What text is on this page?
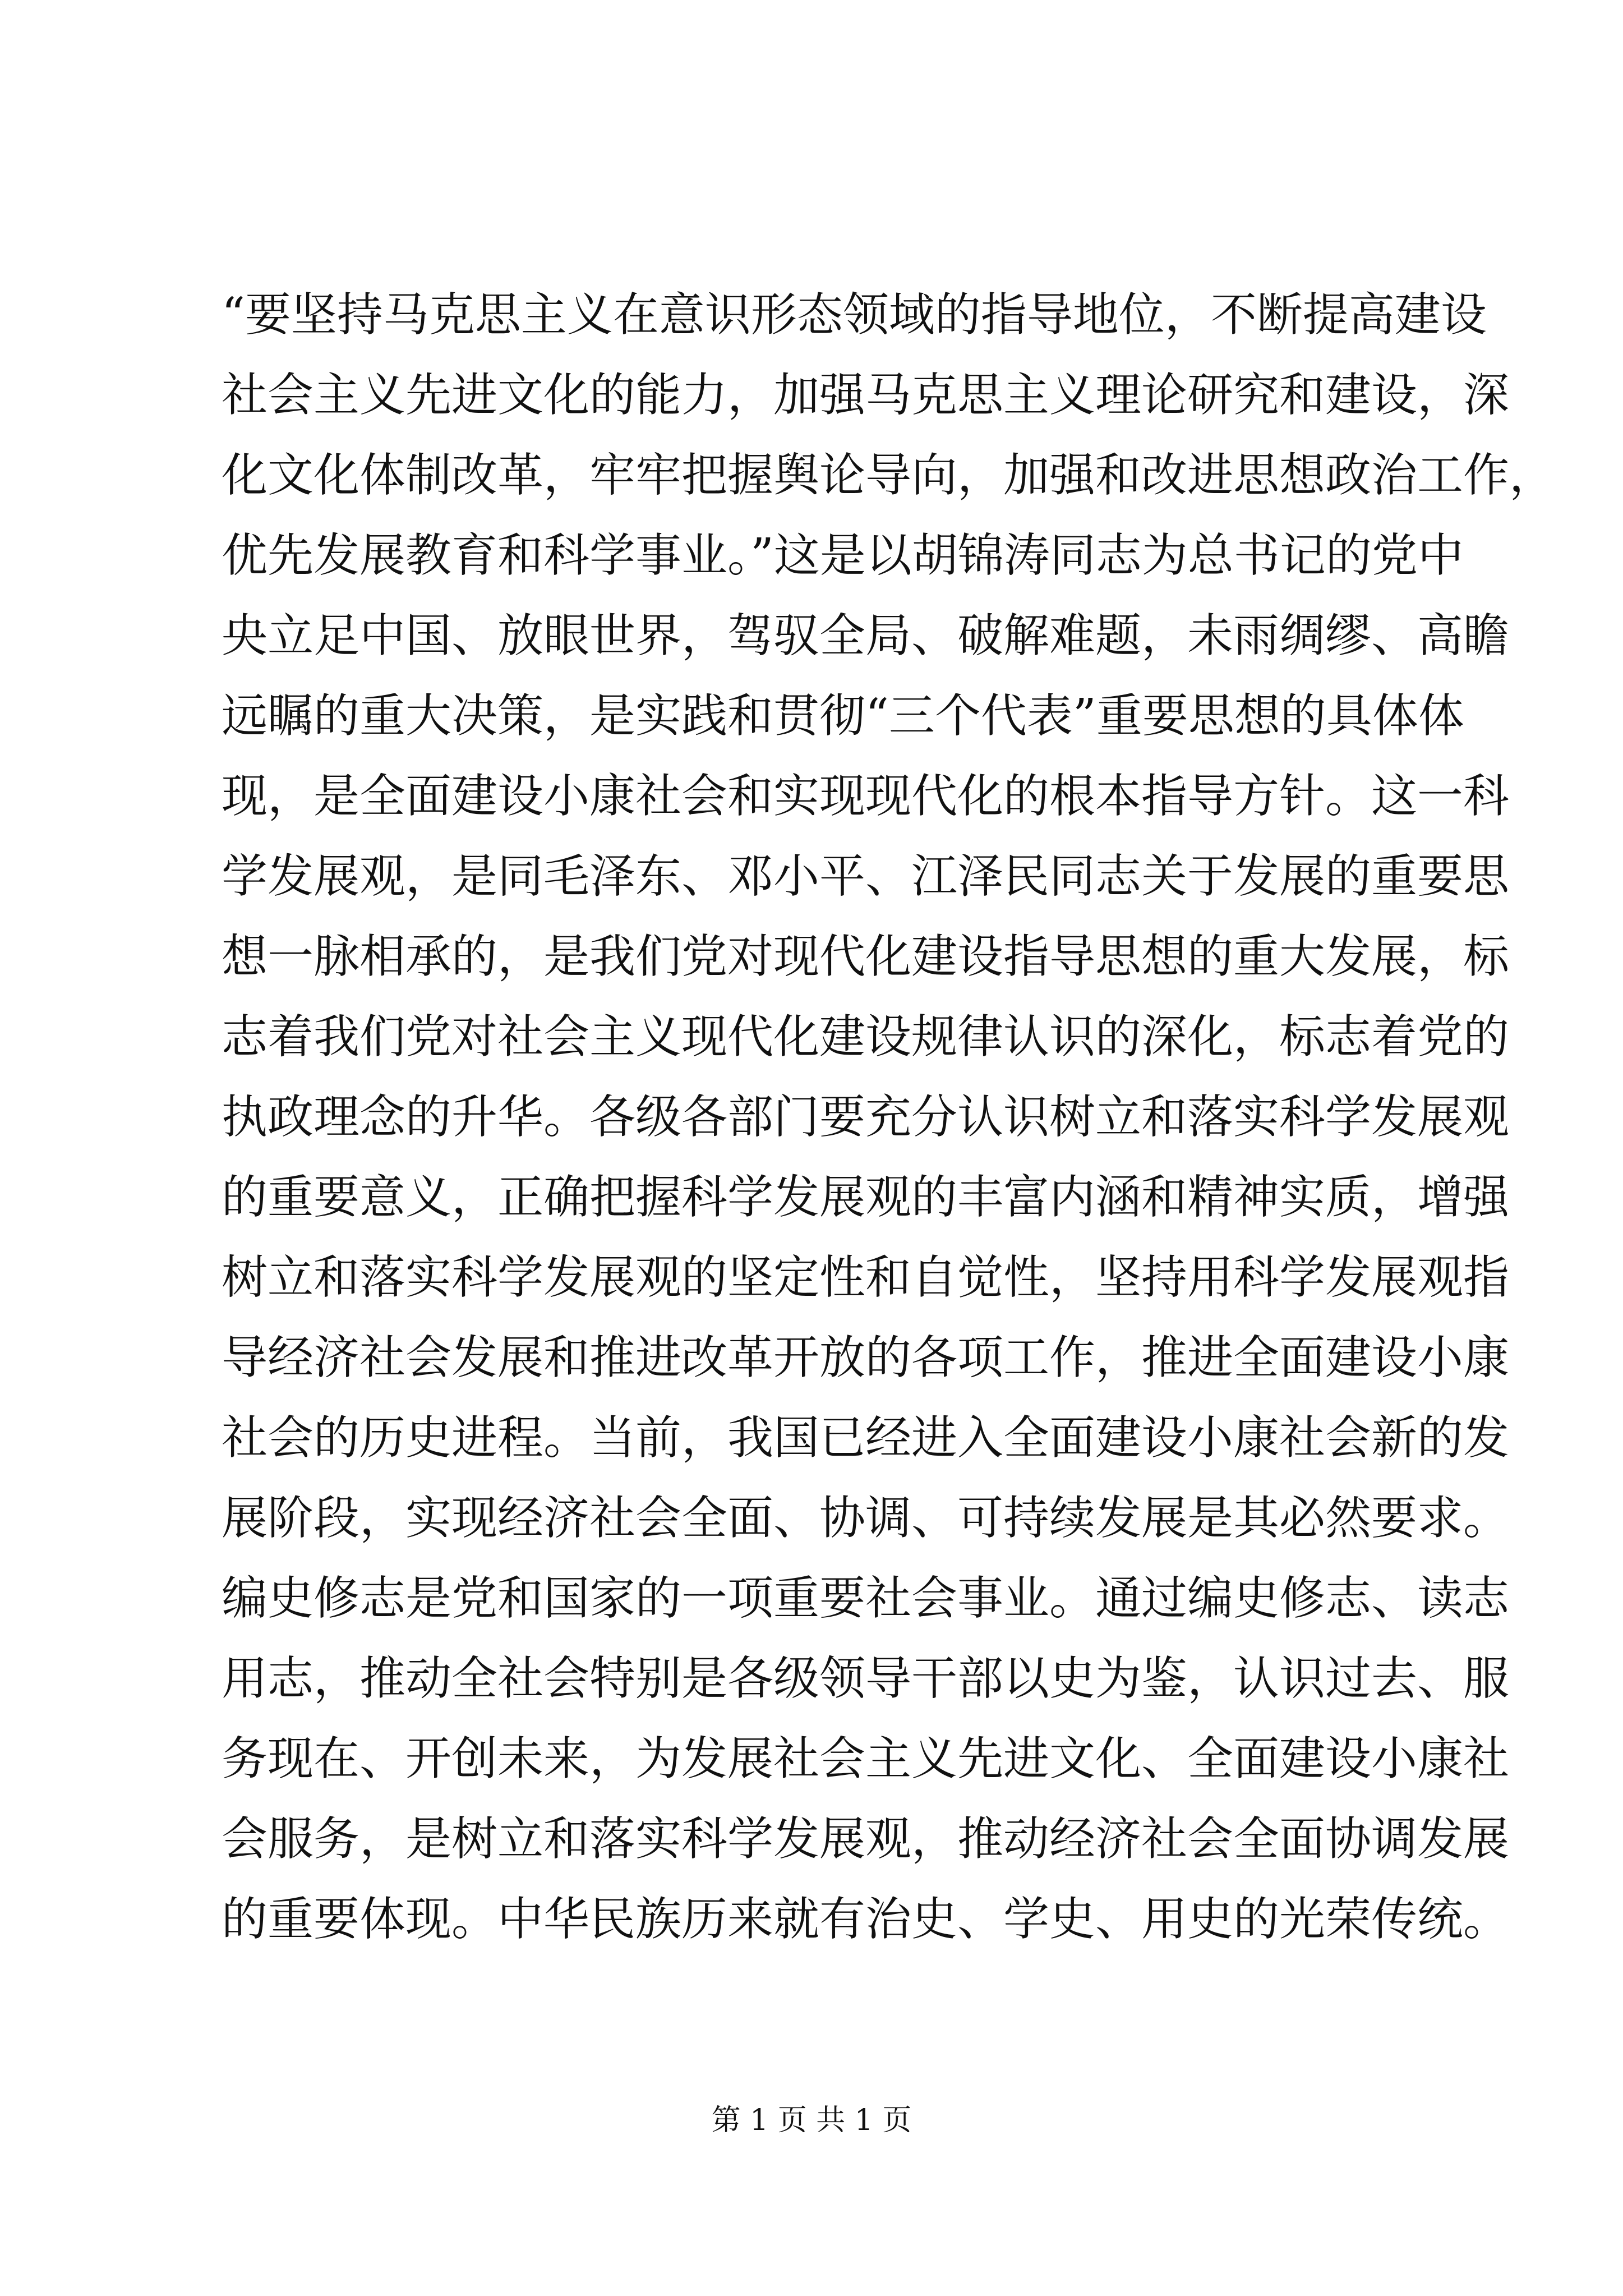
“要坚持马克思主义在意识形态领域的指导地位，不断提高建设
社会主义先进文化的能力，加强马克思主义理论研究和建设，深
化文化体制改革，牢牢把握舆论导向，加强和改进思想政治工作，
优先发展教育和科学事业。”这是以胡锦涛同志为总书记的党中
央立足中国、放眼世界，驾驭全局、破解难题，未雨绸缪、高瞻
远瞩的重大决策，是实践和贯彻“三个代表”重要思想的具体体
现，是全面建设小康社会和实现现代化的根本指导方针。这一科
学发展观，是同毛泽东、邓小平、江泽民同志关于发展的重要思
想一脉相承的，是我们党对现代化建设指导思想的重大发展，标
志着我们党对社会主义现代化建设规律认识的深化，标志着党的
执政理念的升华。各级各部门要充分认识树立和落实科学发展观
的重要意义，正确把握科学发展观的丰富内涵和精神实质，增强
树立和落实科学发展观的坚定性和自觉性，坚持用科学发展观指
导经济社会发展和推进改革开放的各项工作，推进全面建设小康
社会的历史进程。当前，我国已经进入全面建设小康社会新的发
展阶段，实现经济社会全面、协调、可持续发展是其必然要求。
编史修志是党和国家的一项重要社会事业。通过编史修志、读志
用志，推动全社会特别是各级领导干部以史为鉴，认识过去、服
务现在、开创未来，为发展社会主义先进文化、全面建设小康社
会服务，是树立和落实科学发展观，推动经济社会全面协调发展
的重要体现。中华民族历来就有治史、学史、用史的光荣传统。
第 1 页 共 1 页
